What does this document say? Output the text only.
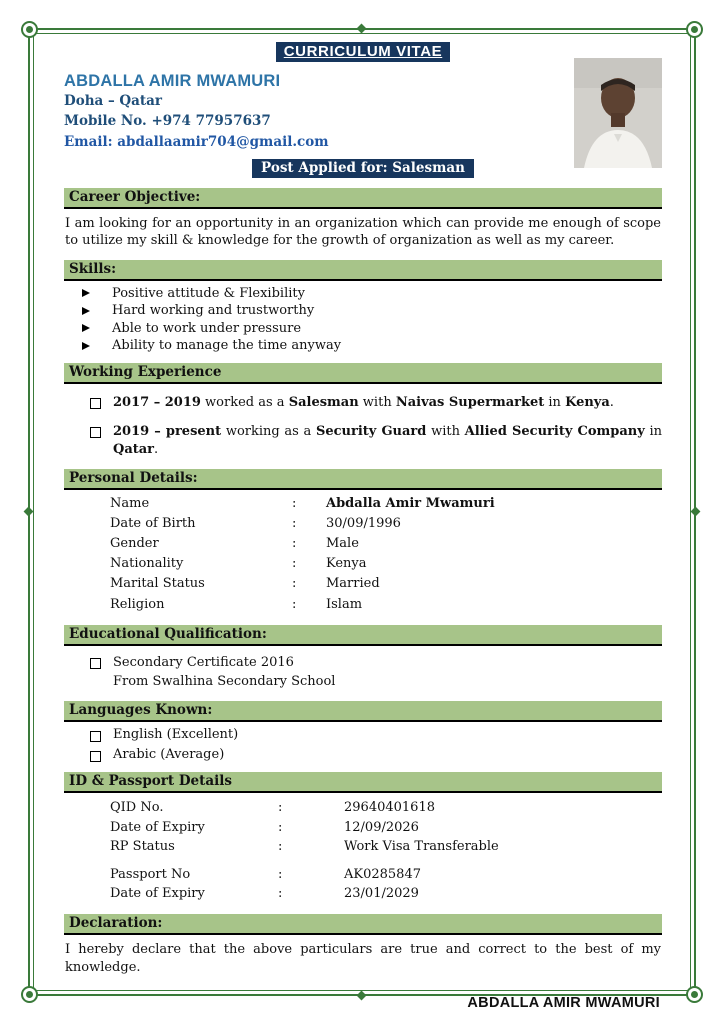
CURRICULUM VITAE
ABDALLA AMIR MWAMURI
Doha – Qatar
Mobile No. +974 77957637
Email: abdallaamir704@gmail.com
Post Applied for: Salesman
Career Objective:
I am looking for an opportunity in an organization which can provide me enough of scope to utilize my skill & knowledge for the growth of organization as well as my career.
Skills:
Positive attitude & Flexibility
Hard working and trustworthy
Able to work under pressure
Ability to manage the time anyway
Working Experience
2017 – 2019 worked as a Salesman with Naivas Supermarket in Kenya.
2019 – present working as a Security Guard with Allied Security Company in Qatar.
Personal Details:
Name	:	Abdalla Amir Mwamuri
Date of Birth	:	30/09/1996
Gender	:	Male
Nationality	:	Kenya
Marital Status	:	Married
Religion	:	Islam
Educational Qualification:
Secondary Certificate 2016
From Swalhina Secondary School
Languages Known:
English (Excellent)
Arabic (Average)
ID & Passport Details
QID No.	:	29640401618
Date of Expiry	:	12/09/2026
RP Status	:	Work Visa Transferable
Passport No	:	AK0285847
Date of Expiry	:	23/01/2029
Declaration:
I hereby declare that the above particulars are true and correct to the best of my knowledge.
ABDALLA AMIR MWAMURI
